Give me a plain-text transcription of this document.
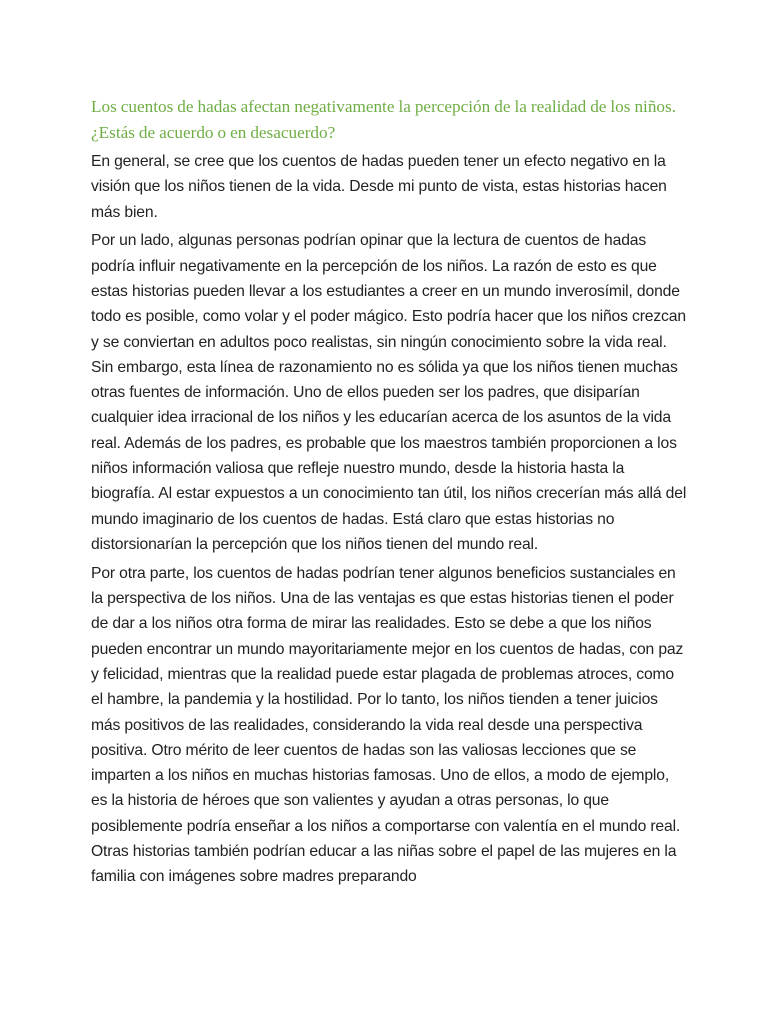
Los cuentos de hadas afectan negativamente la percepción de la realidad de los niños. ¿Estás de acuerdo o en desacuerdo?

En general, se cree que los cuentos de hadas pueden tener un efecto negativo en la visión que los niños tienen de la vida. Desde mi punto de vista, estas historias hacen más bien.

Por un lado, algunas personas podrían opinar que la lectura de cuentos de hadas podría influir negativamente en la percepción de los niños. La razón de esto es que estas historias pueden llevar a los estudiantes a creer en un mundo inverosímil, donde todo es posible, como volar y el poder mágico. Esto podría hacer que los niños crezcan y se conviertan en adultos poco realistas, sin ningún conocimiento sobre la vida real. Sin embargo, esta línea de razonamiento no es sólida ya que los niños tienen muchas otras fuentes de información. Uno de ellos pueden ser los padres, que disiparían cualquier idea irracional de los niños y les educarían acerca de los asuntos de la vida real. Además de los padres, es probable que los maestros también proporcionen a los niños información valiosa que refleje nuestro mundo, desde la historia hasta la biografía. Al estar expuestos a un conocimiento tan útil, los niños crecerían más allá del mundo imaginario de los cuentos de hadas. Está claro que estas historias no distorsionarían la percepción que los niños tienen del mundo real.

Por otra parte, los cuentos de hadas podrían tener algunos beneficios sustanciales en la perspectiva de los niños. Una de las ventajas es que estas historias tienen el poder de dar a los niños otra forma de mirar las realidades. Esto se debe a que los niños pueden encontrar un mundo mayoritariamente mejor en los cuentos de hadas, con paz y felicidad, mientras que la realidad puede estar plagada de problemas atroces, como el hambre, la pandemia y la hostilidad. Por lo tanto, los niños tienden a tener juicios más positivos de las realidades, considerando la vida real desde una perspectiva positiva. Otro mérito de leer cuentos de hadas son las valiosas lecciones que se imparten a los niños en muchas historias famosas. Uno de ellos, a modo de ejemplo, es la historia de héroes que son valientes y ayudan a otras personas, lo que posiblemente podría enseñar a los niños a comportarse con valentía en el mundo real. Otras historias también podrían educar a las niñas sobre el papel de las mujeres en la familia con imágenes sobre madres preparando
